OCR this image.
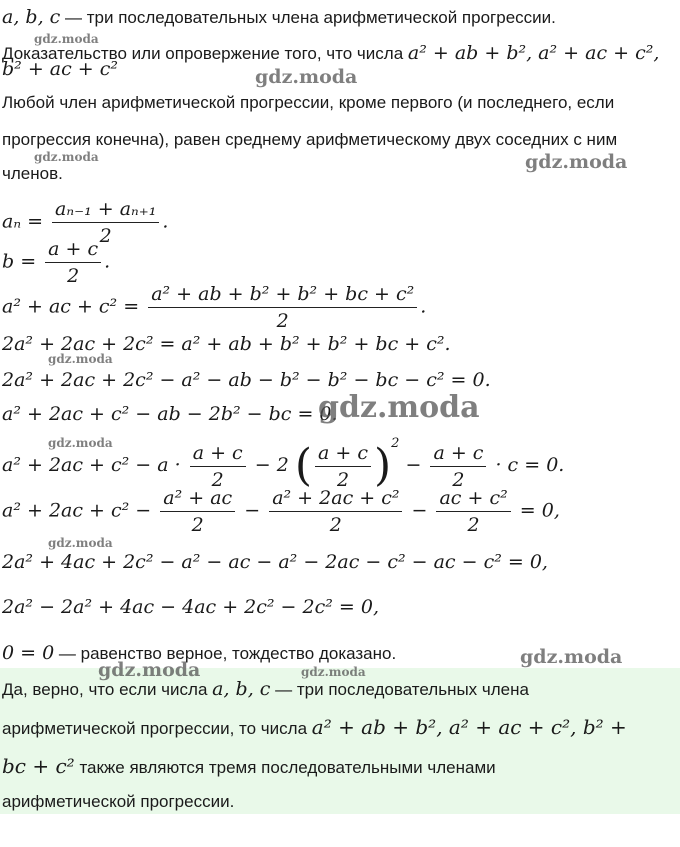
a, b, c — три последовательных члена арифметической прогрессии.
Доказательство или опровержение того, что числа a² + ab + b², a² + ac + c²,
b² + ac + c²
Любой член арифметической прогрессии, кроме первого (и последнего, если
прогрессия конечна), равен среднему арифметическому двух соседних с ним
членов.
$a_n = \frac{\text{aₙ₋₁ + aₙ₊₁}}{2}$ .
$b = \frac{a + c}{2}$ .
a² + ac + $c^2 = \frac{\text{a² + ab + b² + b² + bc + c²}}{2}$ .
2a² + 2ac + 2c² = a² + ab + b² + b² + bc + c².
2a² + 2ac + 2c² − a² − ab − b² − b² − bc − c² = 0.
a² + 2ac + c² − ab − 2b² − bc = 0.
$a^2 + 2ac + c^2 - a \cdot \frac{a + c}{2} - 2$ ( $\frac{a + c}{2} )^2 - \frac{a + c}{2} \cdot c = 0$.
$a^2 + 2ac + c^2 - \frac{\text{a² + ac}}{2} - \frac{\text{a² + 2ac + c²}}{2} - \frac{\text{ac + c²}}{2} = 0$,
2a² + 4ac + 2c² − a² − ac − a² − 2ac − c² − ac − c² = 0,
2a² − 2a² + 4ac − 4ac + 2c² − 2c² = 0,
0 = 0 — равенство верное, тождество доказано.
Да, верно, что если числа a, b, c — три последовательных члена
арифметической прогрессии, то числа a² + ab + b², a² + ac + c², b² +
bc + c² также являются тремя последовательными членами
арифметической прогрессии.
gdz.moda
gdz.moda
gdz.moda	gdz.moda
gdz.moda
gdz.moda
gdz.moda
gdz.moda
gdz.moda	gdz.moda
gdz.moda
